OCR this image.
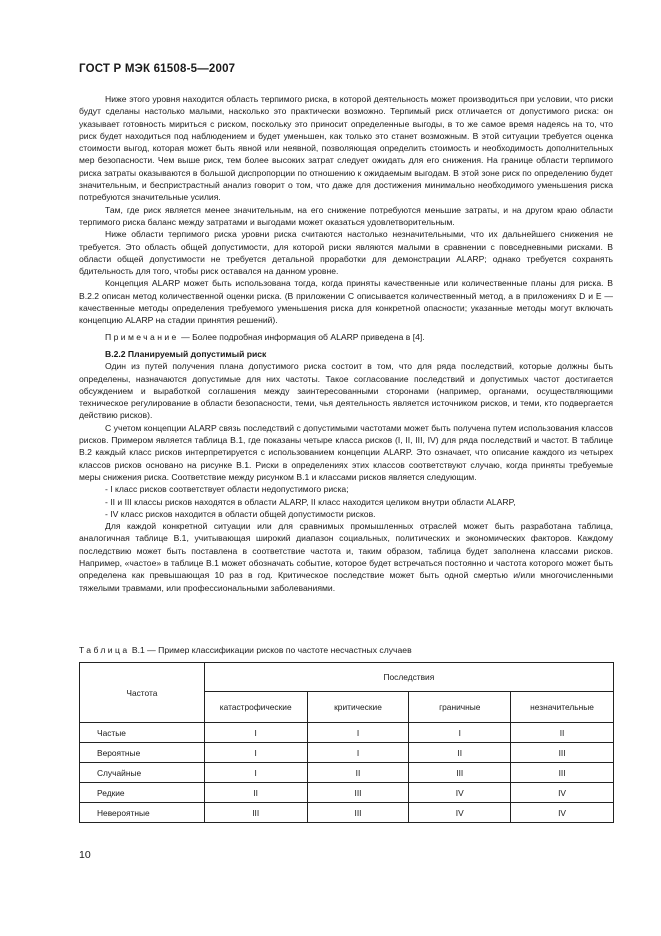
ГОСТ Р МЭК 61508-5—2007

Ниже этого уровня находится область терпимого риска, в которой деятельность может производиться при условии, что риски будут сделаны настолько малыми, насколько это практически возможно. Терпимый риск отличается от допустимого риска: он указывает готовность мириться с риском, поскольку это приносит определенные выгоды, в то же самое время надеясь на то, что риск будет находиться под наблюдением и будет уменьшен, как только это станет возможным. В этой ситуации требуется оценка стоимости выгод, которая может быть явной или неявной, позволяющая определить стоимость и необходимость дополнительных мер безопасности. Чем выше риск, тем более высоких затрат следует ожидать для его снижения. На границе области терпимого риска затраты оказываются в большой диспропорции по отношению к ожидаемым выгодам. В этой зоне риск по определению будет значительным, и беспристрастный анализ говорит о том, что даже для достижения минимально необходимого уменьшения риска потребуются значительные усилия.

Там, где риск является менее значительным, на его снижение потребуются меньшие затраты, и на другом краю области терпимого риска баланс между затратами и выгодами может оказаться удовлетворительным.

Ниже области терпимого риска уровни риска считаются настолько незначительными, что их дальнейшего снижения не требуется. Это область общей допустимости, для которой риски являются малыми в сравнении с повседневными рисками. В области общей допустимости не требуется детальной проработки для демонстрации ALARP; однако требуется сохранять бдительность для того, чтобы риск оставался на данном уровне.

Концепция ALARP может быть использована тогда, когда приняты качественные или количественные планы для риска. В В.2.2 описан метод количественной оценки риска. (В приложении С описывается количественный метод, а в приложениях D и Е — качественные методы определения требуемого уменьшения риска для конкретной опасности; указанные методы могут включать концепцию ALARP на стадии принятия решений).

Примечание — Более подробная информация об ALARP приведена в [4].

В.2.2 Планируемый допустимый риск

Один из путей получения плана допустимого риска состоит в том, что для ряда последствий, которые должны быть определены, назначаются допустимые для них частоты. Такое согласование последствий и допустимых частот достигается обсуждением и выработкой соглашения между заинтересованными сторонами (например, органами, осуществляющими техническое регулирование в области безопасности, теми, чья деятельность является источником рисков, и теми, кто подвергается действию рисков).

С учетом концепции ALARP связь последствий с допустимыми частотами может быть получена путем использования классов рисков. Примером является таблица В.1, где показаны четыре класса рисков (I, II, III, IV) для ряда последствий и частот. В таблице В.2 каждый класс рисков интерпретируется с использованием концепции ALARP. Это означает, что описание каждого из четырех классов рисков основано на рисунке В.1. Риски в определениях этих классов соответствуют случаю, когда приняты требуемые меры снижения риска. Соответствие между рисунком В.1 и классами рисков является следующим.

- I класс рисков соответствует области недопустимого риска;

- II и III классы рисков находятся в области ALARP, II класс находится целиком внутри области ALARP,

- IV класс рисков находится в области общей допустимости рисков.

Для каждой конкретной ситуации или для сравнимых промышленных отраслей может быть разработана таблица, аналогичная таблице В.1, учитывающая широкий диапазон социальных, политических и экономических факторов. Каждому последствию может быть поставлена в соответствие частота и, таким образом, таблица будет заполнена классами рисков. Например, «частое» в таблице В.1 может обозначать событие, которое будет встречаться постоянно и частота которого может быть определена как превышающая 10 раз в год. Критическое последствие может быть одной смертью и/или многочисленными тяжелыми травмами, или профессиональными заболеваниями.

Таблица В.1 — Пример классификации рисков по частоте несчастных случаев
Частота	Последствия			
	катастрофические	критические	граничные	незначительные
Частые	I	I	I	II
Вероятные	I	I	II	III
Случайные	I	II	III	III
Редкие	II	III	IV	IV
Невероятные	III	III	IV	IV
10
